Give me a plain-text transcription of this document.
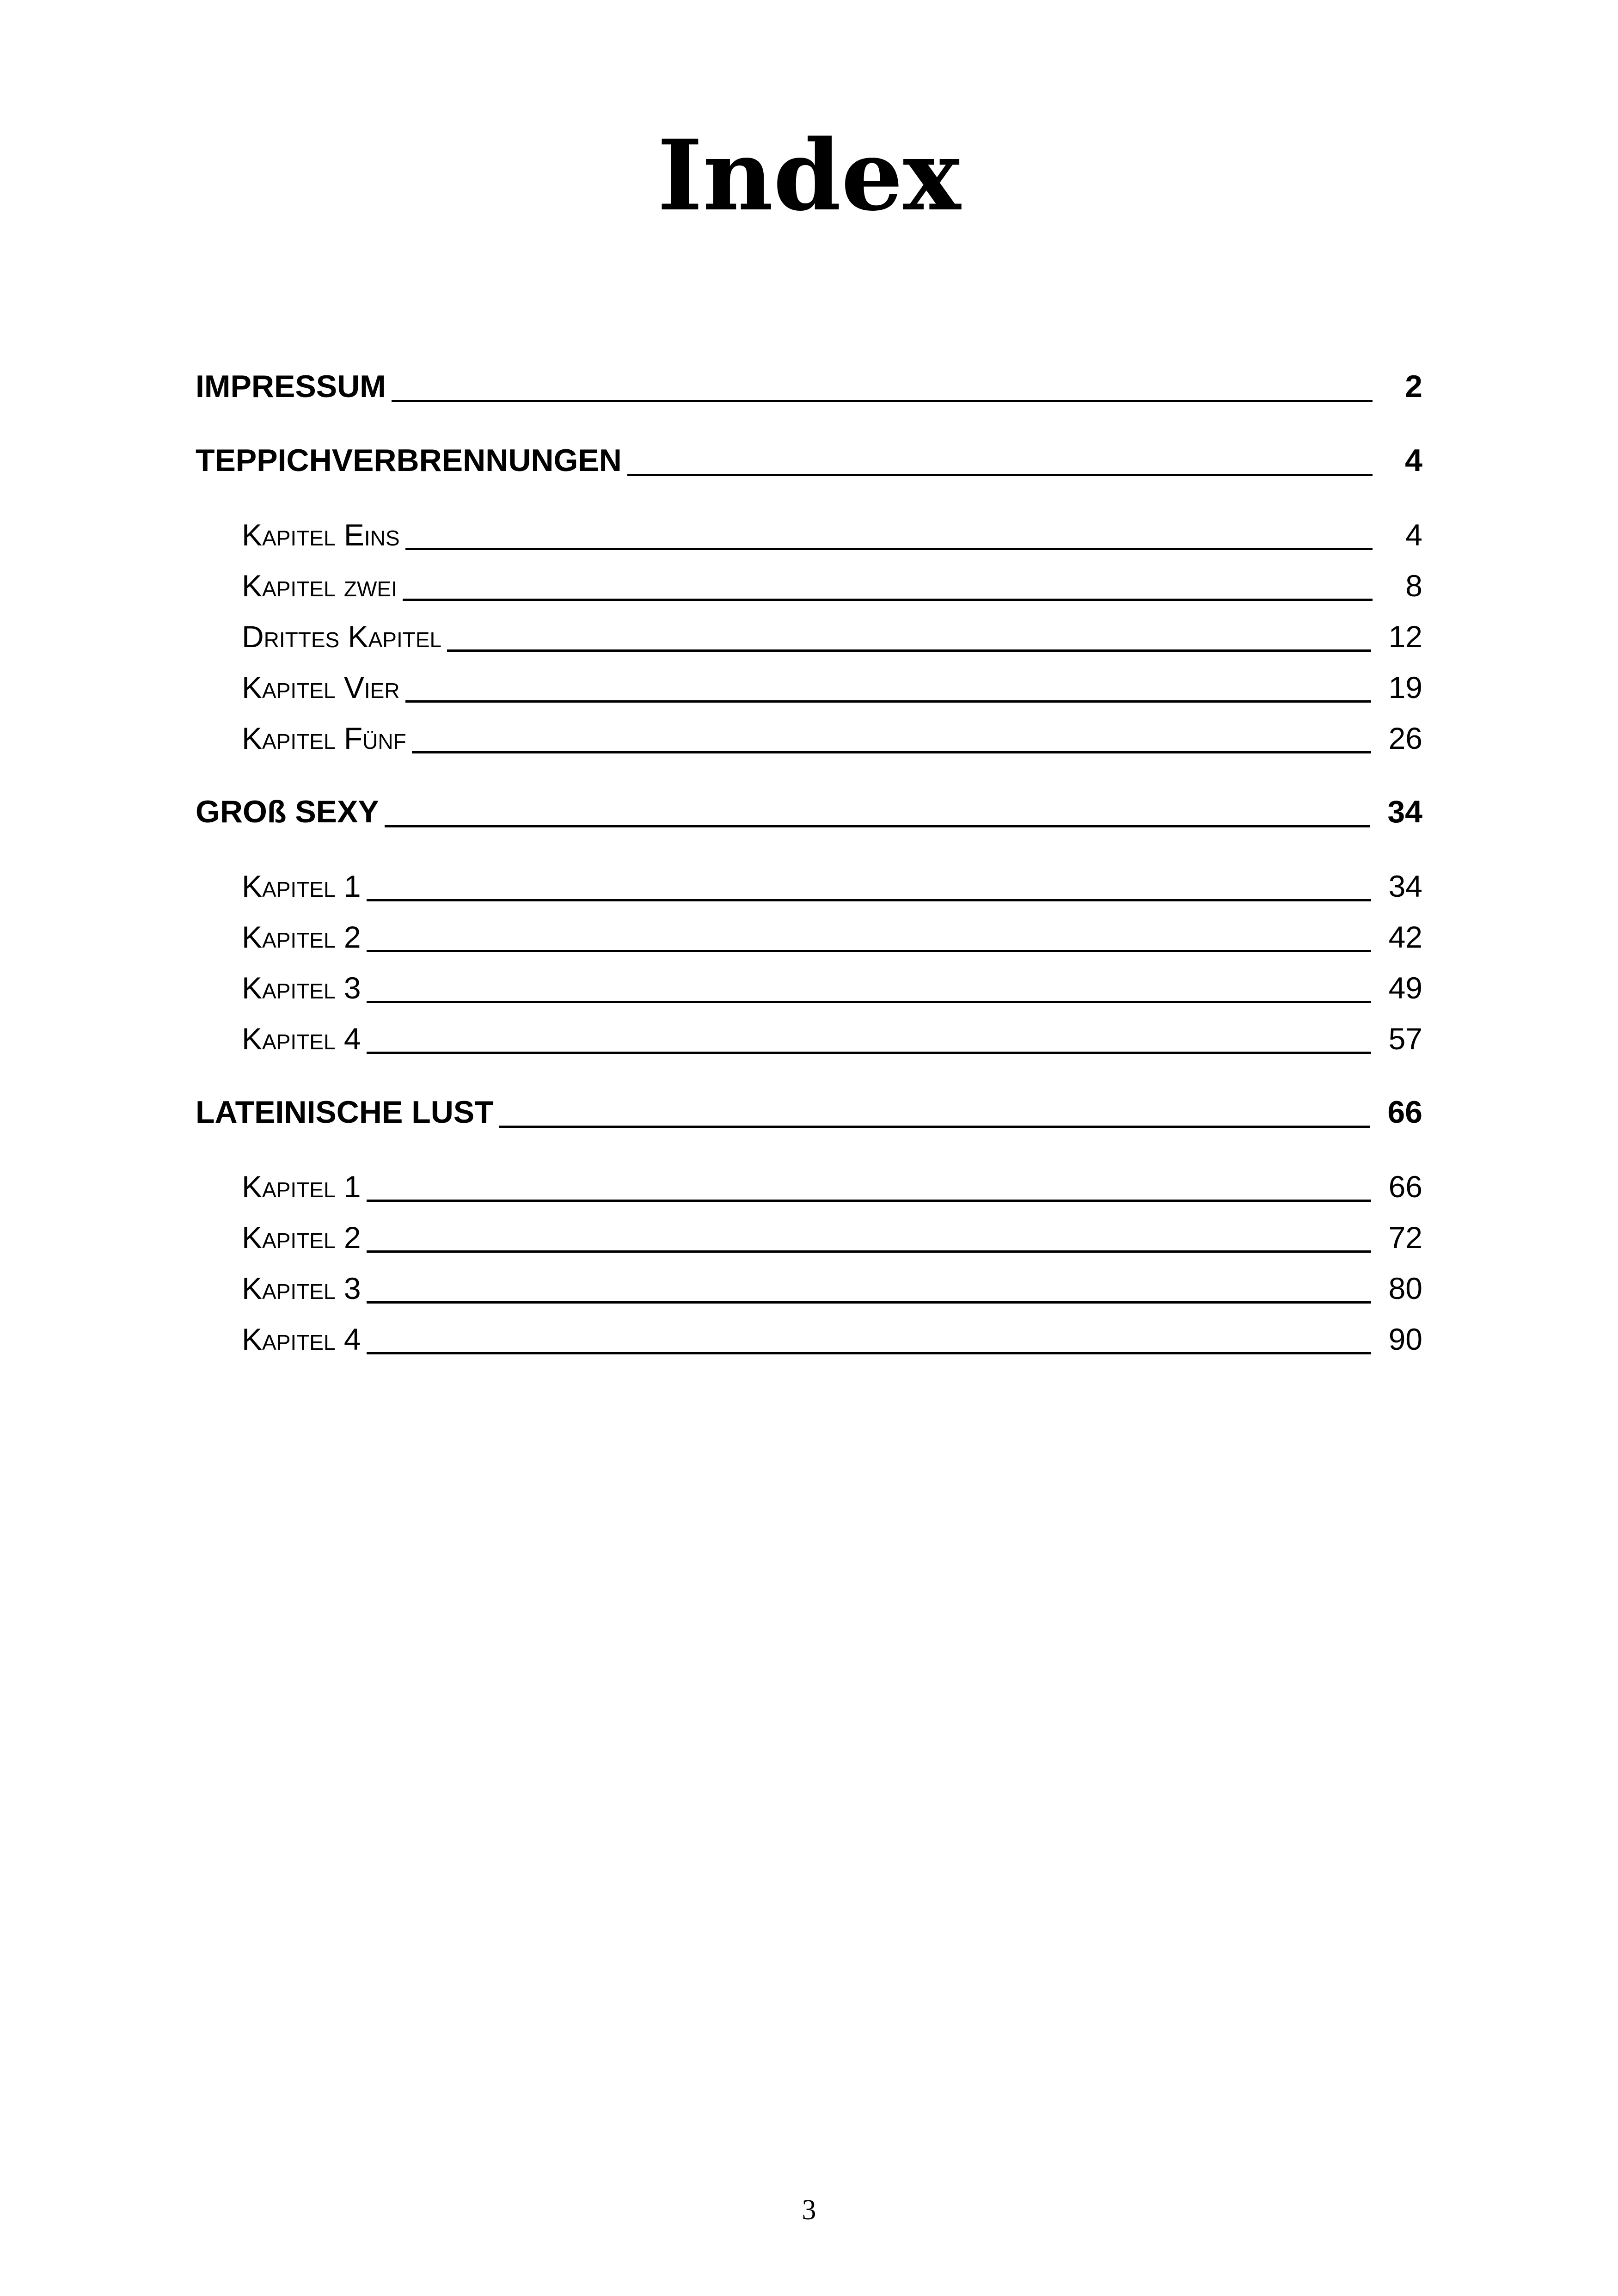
Index
IMPRESSUM	2
TEPPICHVERBRENNUNGEN	4
Kapitel Eins	4
Kapitel zwei	8
Drittes Kapitel	12
Kapitel Vier	19
Kapitel Fünf	26
GROß SEXY	34
Kapitel 1	34
Kapitel 2	42
Kapitel 3	49
Kapitel 4	57
LATEINISCHE LUST	66
Kapitel 1	66
Kapitel 2	72
Kapitel 3	80
Kapitel 4	90
3
